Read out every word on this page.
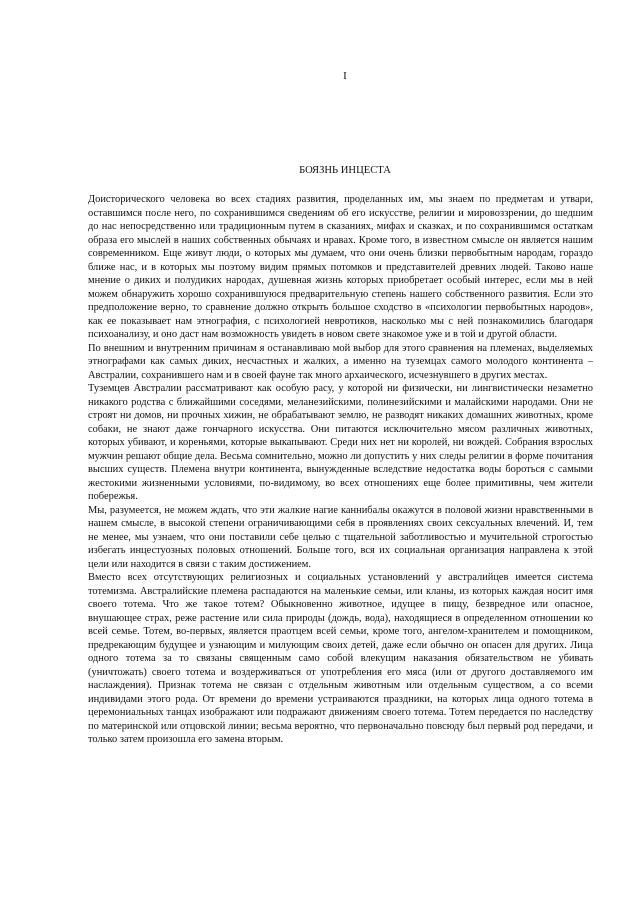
I
БОЯЗНЬ ИНЦЕСТА

Доисторического человека во всех стадиях развития, проделанных им, мы знаем по предметам и утвари, оставшимся после него, по сохранившимся сведениям об его искусстве, религии и мировоззрении, до шедшим до нас непосредственно или традиционным путем в сказаниях, мифах и сказках, и по сохранившимся остаткам образа его мыслей в наших собственных обычаях и нравах. Кроме того, в известном смысле он является нашим современником. Еще живут люди, о которых мы думаем, что они очень близки первобытным народам, гораздо ближе нас, и в которых мы поэтому видим прямых потомков и представителей древних людей. Таково наше мнение о диких и полудиких народах, душевная жизнь которых приобретает особый интерес, если мы в ней можем обнаружить хорошо сохранившуюся предварительную степень нашего собственного развития. Если это предположение верно, то сравнение должно открыть большое сходство в «психологии первобытных народов», как ее показывает нам этнография, с психологией невротиков, насколько мы с ней познакомились благодаря психоанализу, и оно даст нам возможность увидеть в новом свете знакомое уже и в той и другой области.

По внешним и внутренним причинам я останавливаю мой выбор для этого сравнения на племенах, выделяемых этнографами как самых диких, несчастных и жалких, а именно на туземцах самого молодого континента – Австралии, сохранившего нам и в своей фауне так много архаического, исчезнувшего в других местах.

Туземцев Австралии рассматривают как особую расу, у которой ни физически, ни лингвистически незаметно никакого родства с ближайшими соседями, меланезийскими, полинезийскими и малайскими народами. Они не строят ни домов, ни прочных хижин, не обрабатывают землю, не разводят никаких домашних животных, кроме собаки, не знают даже гончарного искусства. Они питаются исключительно мясом различных животных, которых убивают, и кореньями, которые выкапывают. Среди них нет ни королей, ни вождей. Собрания взрослых мужчин решают общие дела. Весьма сомнительно, можно ли допустить у них следы религии в форме почитания высших существ. Племена внутри континента, вынужденные вследствие недостатка воды бороться с самыми жестокими жизненными условиями, по-видимому, во всех отношениях еще более примитивны, чем жители побережья.

Мы, разумеется, не можем ждать, что эти жалкие нагие каннибалы окажутся в половой жизни нравственными в нашем смысле, в высокой степени ограничивающими себя в проявлениях своих сексуальных влечений. И, тем не менее, мы узнаем, что они поставили себе целью с тщательной заботливостью и мучительной строгостью избегать инцестуозных половых отношений. Больше того, вся их социальная организация направлена к этой цели или находится в связи с таким достижением.

Вместо всех отсутствующих религиозных и социальных установлений у австралийцев имеется система тотемизма. Австралийские племена распадаются на маленькие семьи, или кланы, из которых каждая носит имя своего тотема. Что же такое тотем? Обыкновенно животное, идущее в пищу, безвредное или опасное, внушающее страх, реже растение или сила природы (дождь, вода), находящиеся в определенном отношении ко всей семье. Тотем, во-первых, является праотцем всей семьи, кроме того, ангелом-хранителем и помощником, предрекающим будущее и узнающим и милующим своих детей, даже если обычно он опасен для других. Лица одного тотема за то связаны священным само собой влекущим наказания обязательством не убивать (уничтожать) своего тотема и воздерживаться от употребления его мяса (или от другого доставляемого им наслаждения). Признак тотема не связан с отдельным животным или отдельным существом, а со всеми индивидами этого рода. От времени до времени устраиваются праздники, на которых лица одного тотема в церемониальных танцах изображают или подражают движениям своего тотема. Тотем передается по наследству по материнской или отцовской линии; весьма вероятно, что первоначально повсюду был первый род передачи, и только затем произошла его замена вторым.
